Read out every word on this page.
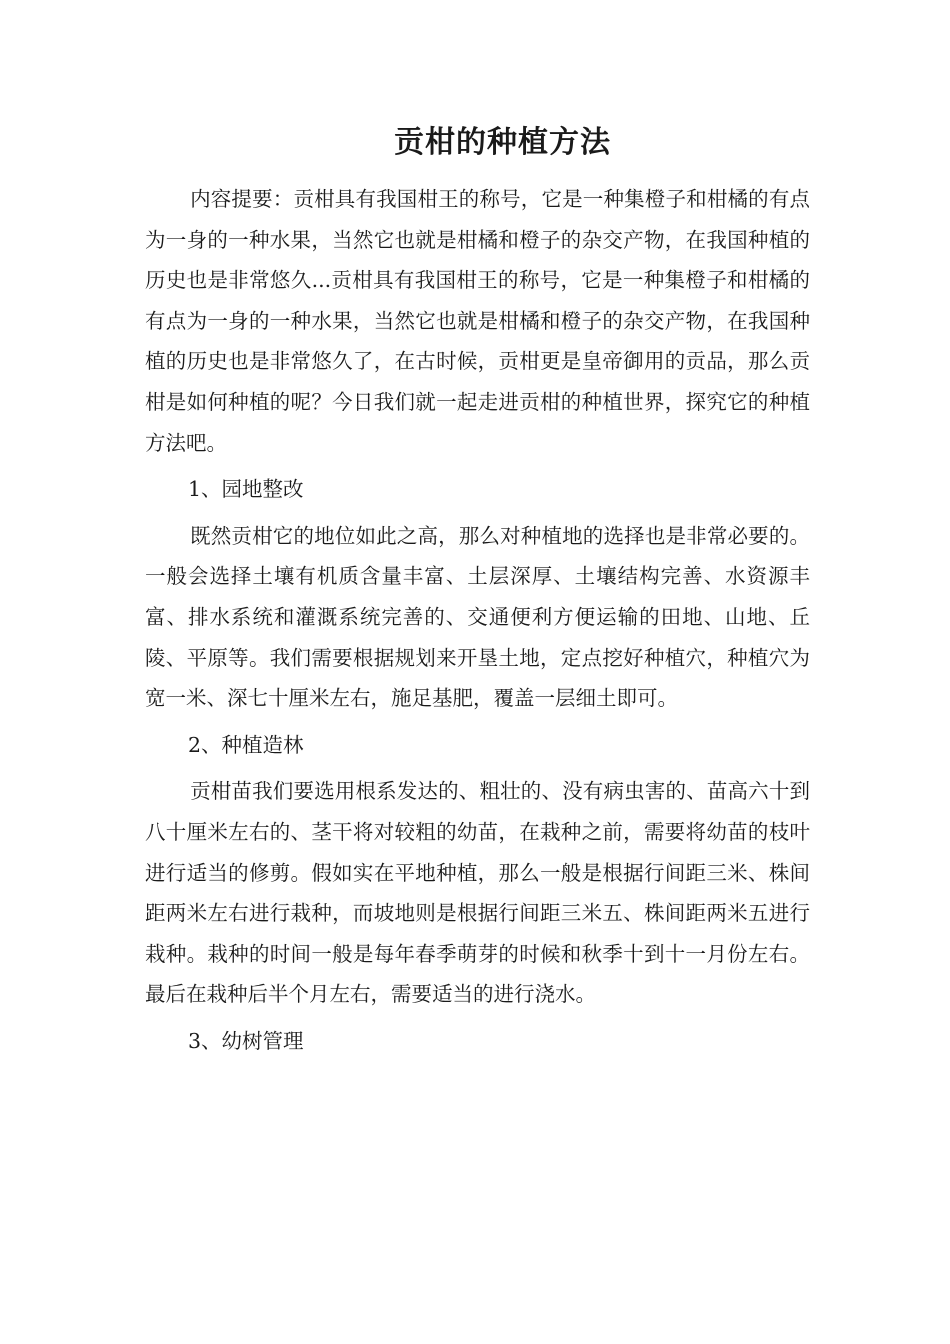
贡柑的种植方法

内容提要：贡柑具有我国柑王的称号，它是一种集橙子和柑橘的有点为一身的一种水果，当然它也就是柑橘和橙子的杂交产物，在我国种植的历史也是非常悠久...贡柑具有我国柑王的称号，它是一种集橙子和柑橘的有点为一身的一种水果，当然它也就是柑橘和橙子的杂交产物，在我国种植的历史也是非常悠久了，在古时候，贡柑更是皇帝御用的贡品，那么贡柑是如何种植的呢？今日我们就一起走进贡柑的种植世界，探究它的种植方法吧。

1、园地整改

既然贡柑它的地位如此之高，那么对种植地的选择也是非常必要的。一般会选择土壤有机质含量丰富、土层深厚、土壤结构完善、水资源丰富、排水系统和灌溉系统完善的、交通便利方便运输的田地、山地、丘陵、平原等。我们需要根据规划来开垦土地，定点挖好种植穴，种植穴为宽一米、深七十厘米左右，施足基肥，覆盖一层细土即可。

2、种植造林

贡柑苗我们要选用根系发达的、粗壮的、没有病虫害的、苗高六十到八十厘米左右的、茎干将对较粗的幼苗，在栽种之前，需要将幼苗的枝叶进行适当的修剪。假如实在平地种植，那么一般是根据行间距三米、株间距两米左右进行栽种，而坡地则是根据行间距三米五、株间距两米五进行栽种。栽种的时间一般是每年春季萌芽的时候和秋季十到十一月份左右。最后在栽种后半个月左右，需要适当的进行浇水。

3、幼树管理
